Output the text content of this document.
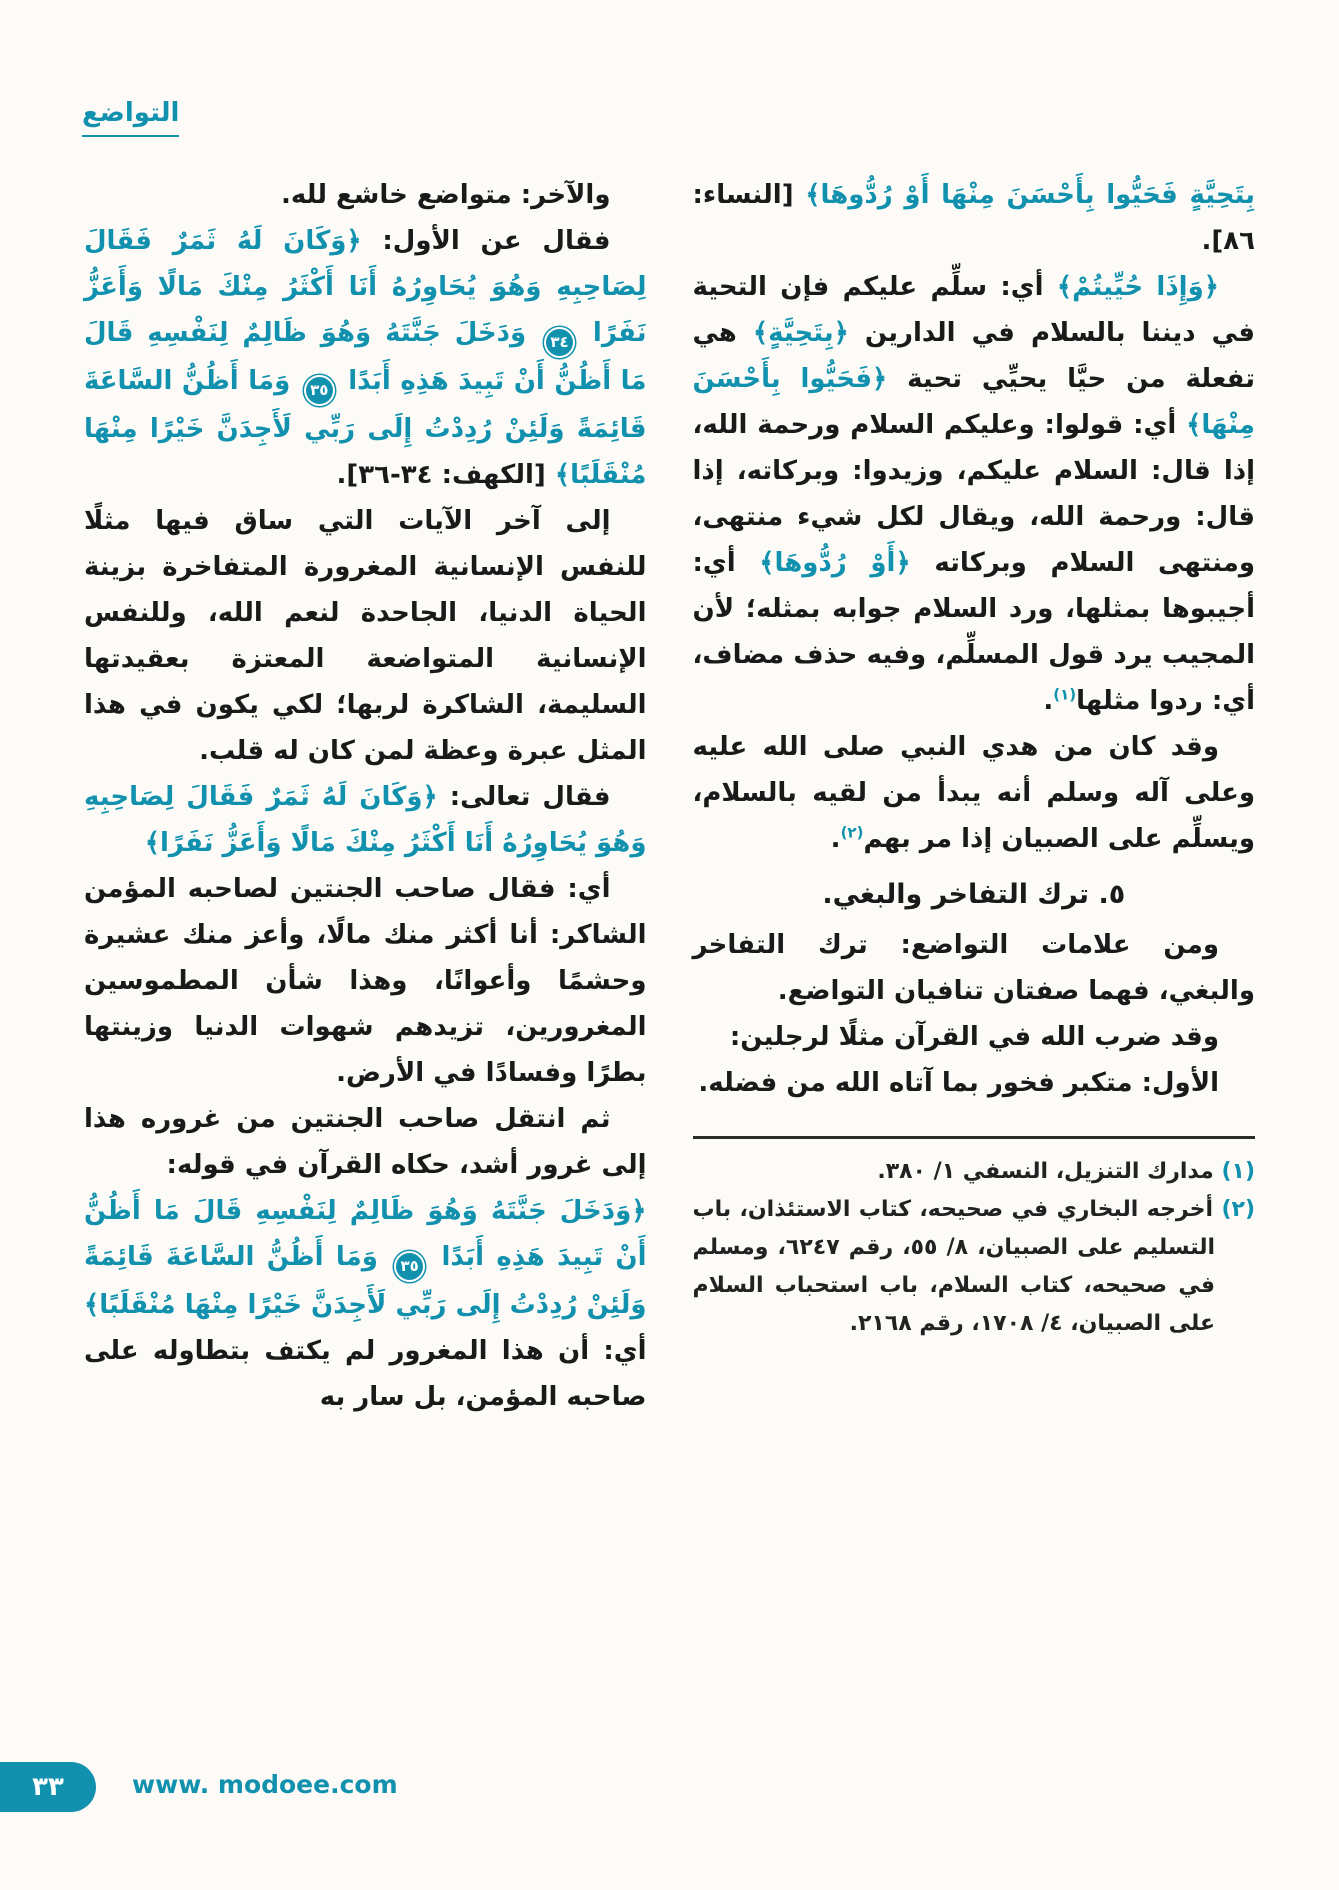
التواضع

بِتَحِيَّةٍ فَحَيُّوا بِأَحْسَنَ مِنْهَا أَوْ رُدُّوهَا﴾ [النساء: ٨٦].

﴿وَإِذَا حُيِّيتُمْ﴾ أي: سلِّم عليكم فإن التحية في ديننا بالسلام في الدارين ﴿بِتَحِيَّةٍ﴾ هي تفعلة من حيَّا يحيِّي تحية ﴿فَحَيُّوا بِأَحْسَنَ مِنْهَا﴾ أي: قولوا: وعليكم السلام ورحمة الله، إذا قال: السلام عليكم، وزيدوا: وبركاته، إذا قال: ورحمة الله، ويقال لكل شيء منتهى، ومنتهى السلام وبركاته ﴿أَوْ رُدُّوهَا﴾ أي: أجيبوها بمثلها، ورد السلام جوابه بمثله؛ لأن المجيب يرد قول المسلِّم، وفيه حذف مضاف، أي: ردوا مثلها$^{(١)}$.

وقد كان من هدي النبي صلى الله عليه وعلى آله وسلم أنه يبدأ من لقيه بالسلام، ويسلِّم على الصبيان إذا مر بهم$^{(٢)}$.

٥. ترك التفاخر والبغي.

ومن علامات التواضع: ترك التفاخر والبغي، فهما صفتان تنافيان التواضع.

وقد ضرب الله في القرآن مثلًا لرجلين:

الأول: متكبر فخور بما آتاه الله من فضله.

(١) مدارك التنزيل، النسفي ١/ ٣٨٠.

(٢) أخرجه البخاري في صحيحه، كتاب الاستئذان، باب التسليم على الصبيان، ٨/ ٥٥، رقم ٦٢٤٧، ومسلم في صحيحه، كتاب السلام، باب استحباب السلام على الصبيان، ٤/ ١٧٠٨، رقم ٢١٦٨.

والآخر: متواضع خاشع لله.

فقال عن الأول: ﴿وَكَانَ لَهُ ثَمَرٌ فَقَالَ لِصَاحِبِهِ وَهُوَ يُحَاوِرُهُ أَنَا أَكْثَرُ مِنْكَ مَالًا وَأَعَزُّ نَفَرًا ٣٤ وَدَخَلَ جَنَّتَهُ وَهُوَ ظَالِمٌ لِنَفْسِهِ قَالَ مَا أَظُنُّ أَنْ تَبِيدَ هَذِهِ أَبَدًا ٣٥ وَمَا أَظُنُّ السَّاعَةَ قَائِمَةً وَلَئِنْ رُدِدْتُ إِلَى رَبِّي لَأَجِدَنَّ خَيْرًا مِنْهَا مُنْقَلَبًا﴾ [الكهف: ٣٤-٣٦].

إلى آخر الآيات التي ساق فيها مثلًا للنفس الإنسانية المغرورة المتفاخرة بزينة الحياة الدنيا، الجاحدة لنعم الله، وللنفس الإنسانية المتواضعة المعتزة بعقيدتها السليمة، الشاكرة لربها؛ لكي يكون في هذا المثل عبرة وعظة لمن كان له قلب.

فقال تعالى: ﴿وَكَانَ لَهُ ثَمَرٌ فَقَالَ لِصَاحِبِهِ وَهُوَ يُحَاوِرُهُ أَنَا أَكْثَرُ مِنْكَ مَالًا وَأَعَزُّ نَفَرًا﴾

أي: فقال صاحب الجنتين لصاحبه المؤمن الشاكر: أنا أكثر منك مالًا، وأعز منك عشيرة وحشمًا وأعوانًا، وهذا شأن المطموسين المغرورين، تزيدهم شهوات الدنيا وزينتها بطرًا وفسادًا في الأرض.

ثم انتقل صاحب الجنتين من غروره هذا إلى غرور أشد، حكاه القرآن في قوله:

﴿وَدَخَلَ جَنَّتَهُ وَهُوَ ظَالِمٌ لِنَفْسِهِ قَالَ مَا أَظُنُّ أَنْ تَبِيدَ هَذِهِ أَبَدًا ٣٥ وَمَا أَظُنُّ السَّاعَةَ قَائِمَةً وَلَئِنْ رُدِدْتُ إِلَى رَبِّي لَأَجِدَنَّ خَيْرًا مِنْهَا مُنْقَلَبًا﴾ أي: أن هذا المغرور لم يكتف بتطاوله على صاحبه المؤمن، بل سار به

٣٣	www. modoee.com
